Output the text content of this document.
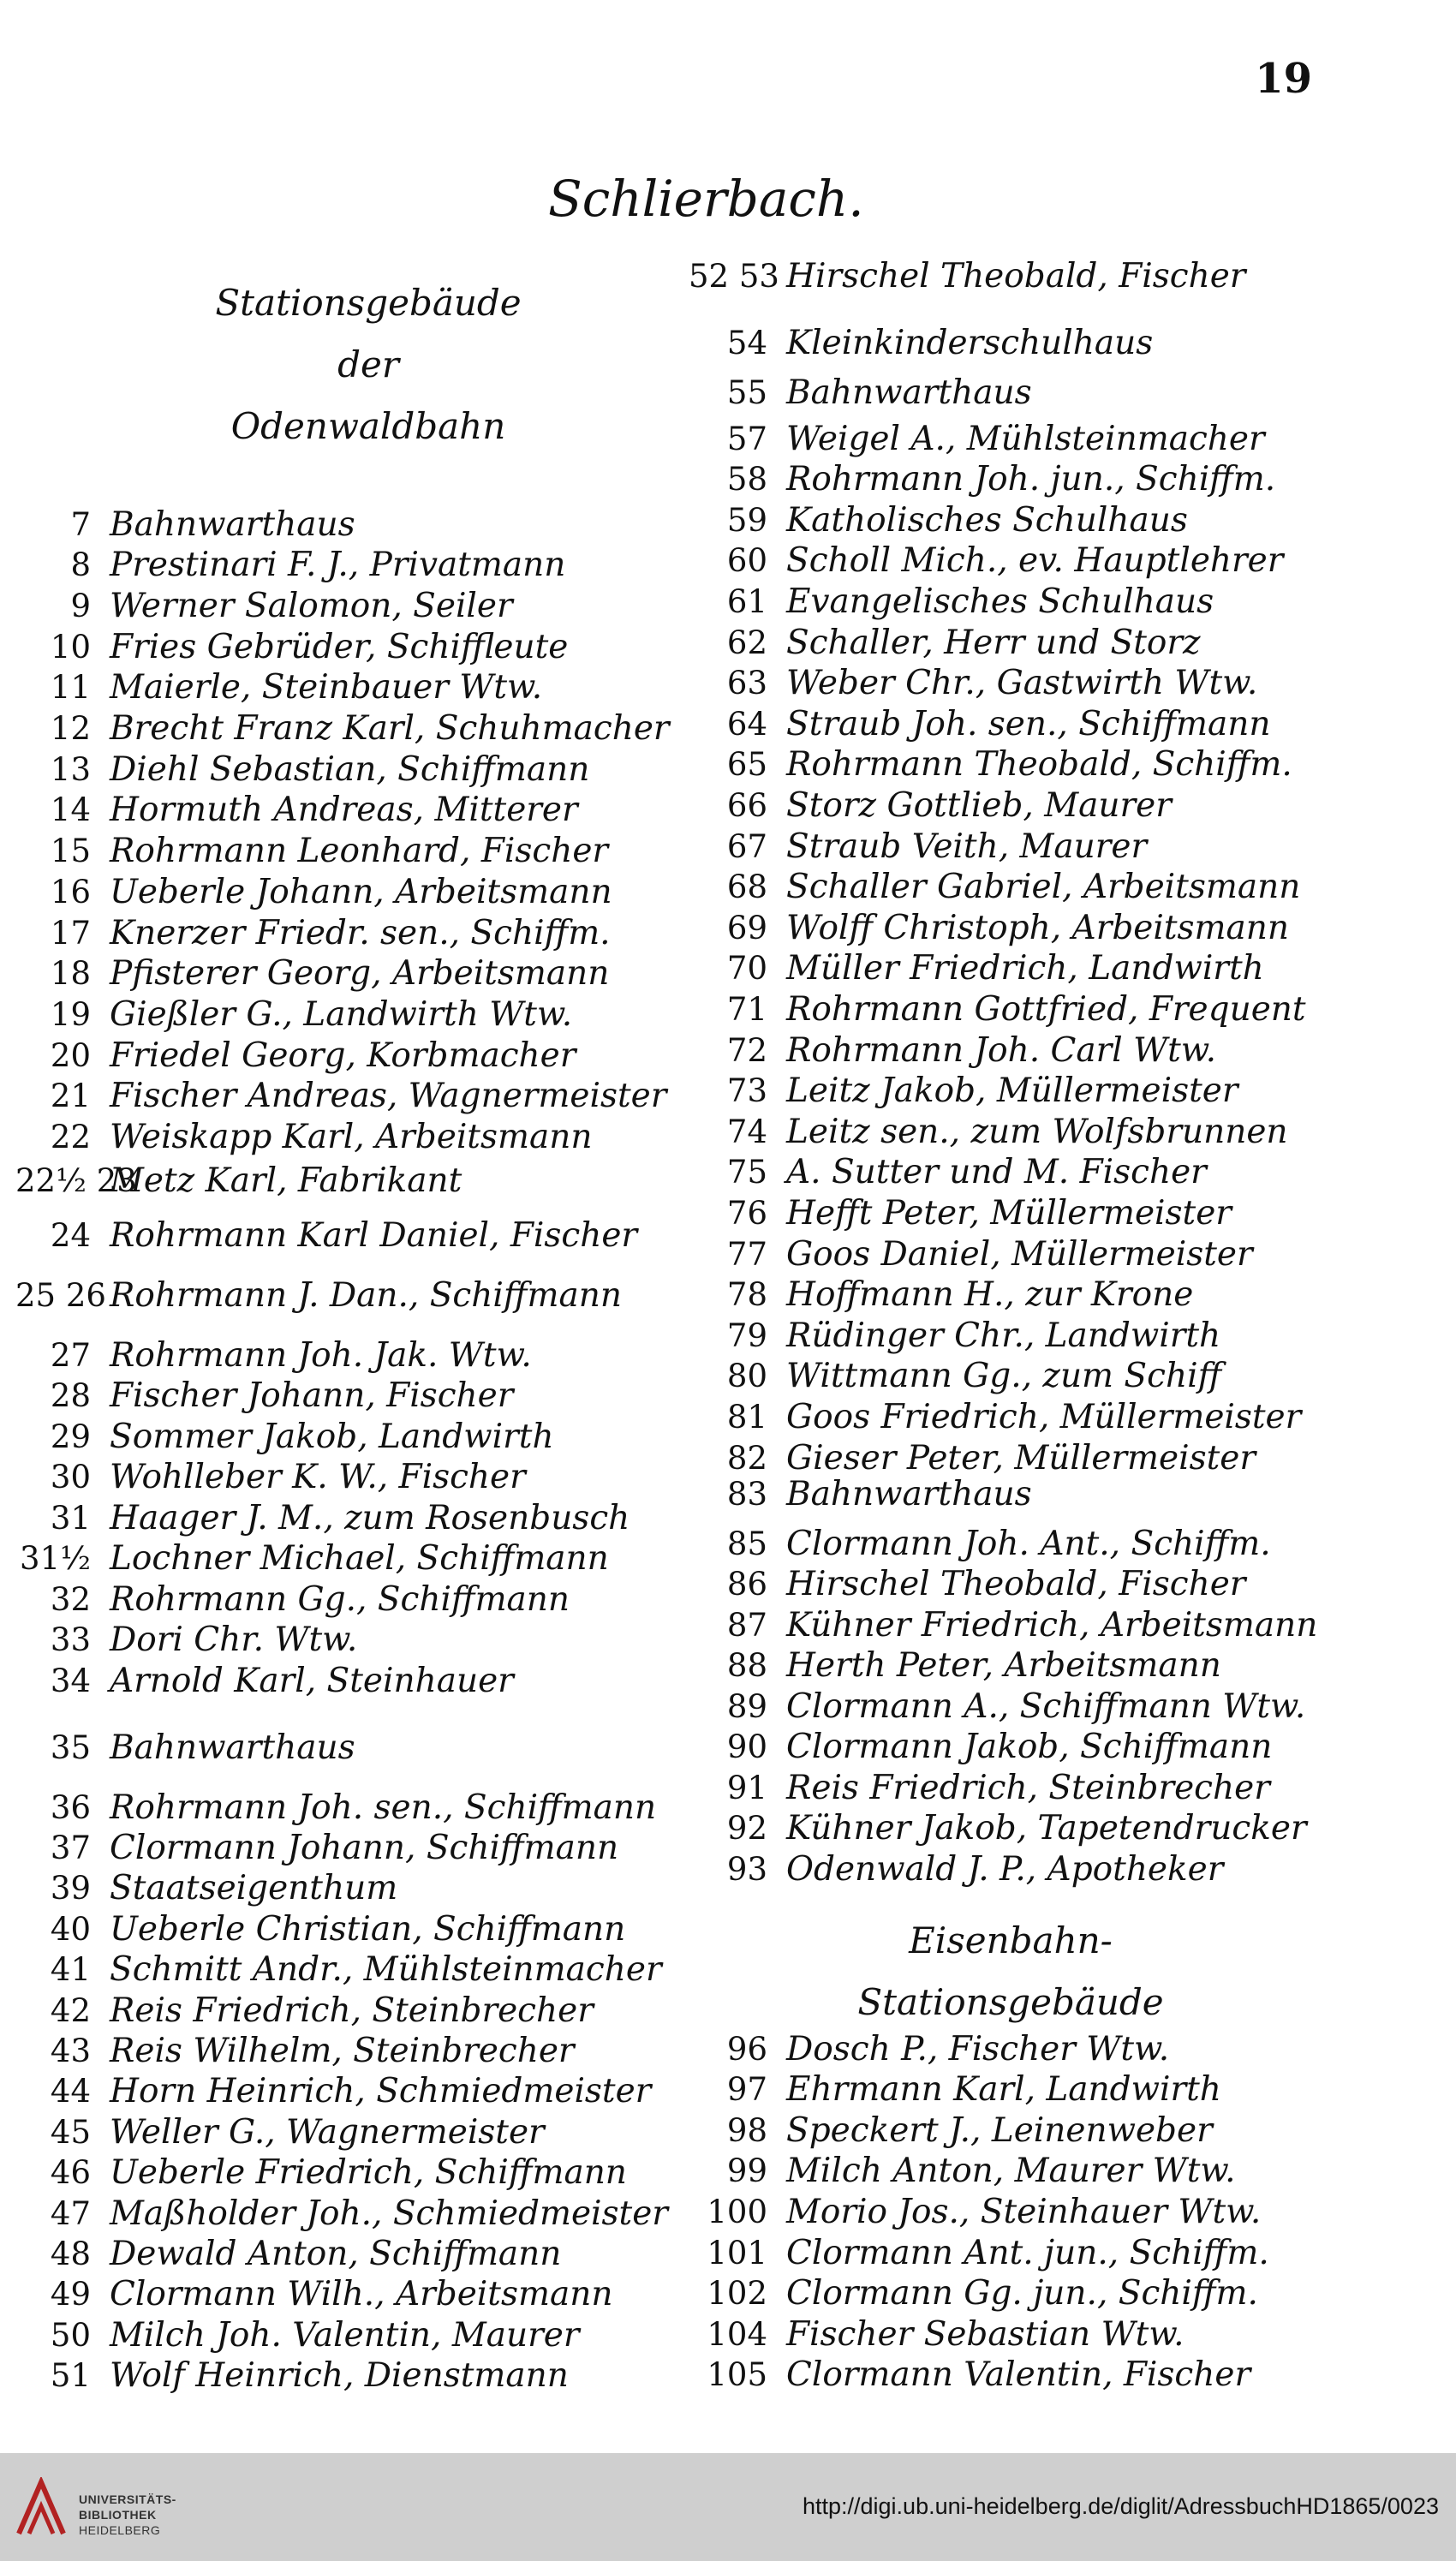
19
Schlierbach.
Stationsgebäude
der
Odenwaldbahn
7 Bahnwarthaus
8 Prestinari F. J., Privatmann
9 Werner Salomon, Seiler
10 Fries Gebrüder, Schiffleute
11 Maierle, Steinbauer Wtw.
12 Brecht Franz Karl, Schuhmacher
13 Diehl Sebastian, Schiffmann
14 Hormuth Andreas, Mitterer
15 Rohrmann Leonhard, Fischer
16 Ueberle Johann, Arbeitsmann
17 Knerzer Friedr. sen., Schiffm.
18 Pfisterer Georg, Arbeitsmann
19 Gießler G., Landwirth Wtw.
20 Friedel Georg, Korbmacher
21 Fischer Andreas, Wagnermeister
22 Weiskapp Karl, Arbeitsmann
22½ 23
Metz Karl, Fabrikant
24 Rohrmann Karl Daniel, Fischer
25 26 Rohrmann J. Dan., Schiffmann
27 Rohrmann Joh. Jak. Wtw.
28 Fischer Johann, Fischer
29 Sommer Jakob, Landwirth
30 Wohlleber K. W., Fischer
31 Haager J. M., zum Rosenbusch
31½ Lochner Michael, Schiffmann
32 Rohrmann Gg., Schiffmann
33 Dori Chr. Wtw.
34 Arnold Karl, Steinhauer
35 Bahnwarthaus
36 Rohrmann Joh. sen., Schiffmann
37 Clormann Johann, Schiffmann
39 Staatseigenthum
40 Ueberle Christian, Schiffmann
41 Schmitt Andr., Mühlsteinmacher
42 Reis Friedrich, Steinbrecher
43 Reis Wilhelm, Steinbrecher
44 Horn Heinrich, Schmiedmeister
45 Weller G., Wagnermeister
46 Ueberle Friedrich, Schiffmann
47 Maßholder Joh., Schmiedmeister
48 Dewald Anton, Schiffmann
49 Clormann Wilh., Arbeitsmann
50 Milch Joh. Valentin, Maurer
51 Wolf Heinrich, Dienstmann
52 53 Hirschel Theobald, Fischer
54 Kleinkinderschulhaus
55 Bahnwarthaus
57 Weigel A., Mühlsteinmacher
58 Rohrmann Joh. jun., Schiffm.
59 Katholisches Schulhaus
60 Scholl Mich., ev. Hauptlehrer
61 Evangelisches Schulhaus
62 Schaller, Herr und Storz
63 Weber Chr., Gastwirth Wtw.
64 Straub Joh. sen., Schiffmann
65 Rohrmann Theobald, Schiffm.
66 Storz Gottlieb, Maurer
67 Straub Veith, Maurer
68 Schaller Gabriel, Arbeitsmann
69 Wolff Christoph, Arbeitsmann
70 Müller Friedrich, Landwirth
71 Rohrmann Gottfried, Frequent
72 Rohrmann Joh. Carl Wtw.
73 Leitz Jakob, Müllermeister
74 Leitz sen., zum Wolfsbrunnen
75 A. Sutter und M. Fischer
76 Hefft Peter, Müllermeister
77 Goos Daniel, Müllermeister
78 Hoffmann H., zur Krone
79 Rüdinger Chr., Landwirth
80 Wittmann Gg., zum Schiff
81 Goos Friedrich, Müllermeister
82 Gieser Peter, Müllermeister
83 Bahnwarthaus
85 Clormann Joh. Ant., Schiffm.
86 Hirschel Theobald, Fischer
87 Kühner Friedrich, Arbeitsmann
88 Herth Peter, Arbeitsmann
89 Clormann A., Schiffmann Wtw.
90 Clormann Jakob, Schiffmann
91 Reis Friedrich, Steinbrecher
92 Kühner Jakob, Tapetendrucker
93 Odenwald J. P., Apotheker
96 Dosch P., Fischer Wtw.
97 Ehrmann Karl, Landwirth
98 Speckert J., Leinenweber
99 Milch Anton, Maurer Wtw.
100 Morio Jos., Steinhauer Wtw.
101 Clormann Ant. jun., Schiffm.
102 Clormann Gg. jun., Schiffm.
104 Fischer Sebastian Wtw.
105 Clormann Valentin, Fischer
Eisenbahn-
Stationsgebäude
UNIVERSITÄTS-
BIBLIOTHEK
HEIDELBERG
http://digi.ub.uni-heidelberg.de/diglit/AdressbuchHD1865/0023
